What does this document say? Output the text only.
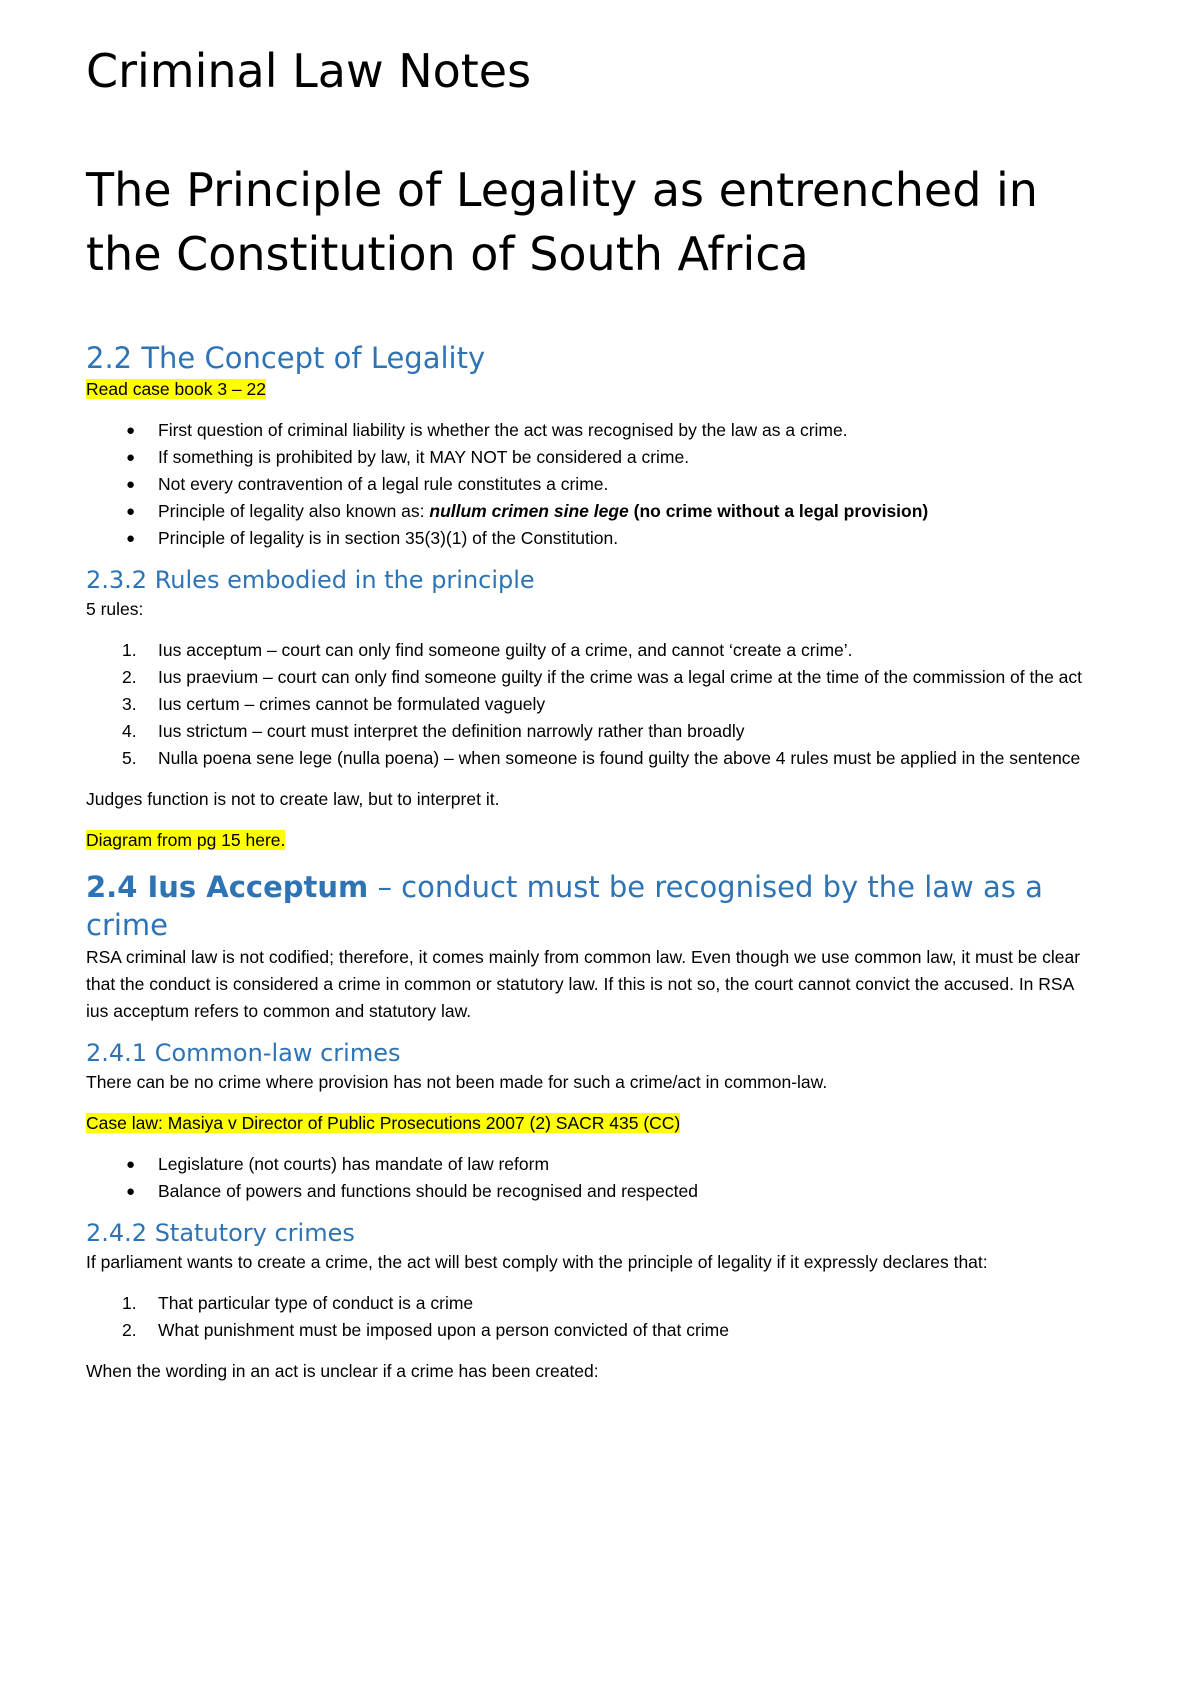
Criminal Law Notes
The Principle of Legality as entrenched in the Constitution of South Africa
2.2 The Concept of Legality

Read case book 3 – 22

● First question of criminal liability is whether the act was recognised by the law as a crime.
● If something is prohibited by law, it MAY NOT be considered a crime.
● Not every contravention of a legal rule constitutes a crime.
● Principle of legality also known as: nullum crimen sine lege (no crime without a legal provision)
● Principle of legality is in section 35(3)(1) of the Constitution.
2.3.2 Rules embodied in the principle

5 rules:

1. Ius acceptum – court can only find someone guilty of a crime, and cannot ‘create a crime’.
2. Ius praevium – court can only find someone guilty if the crime was a legal crime at the time of the commission of the act
3. Ius certum – crimes cannot be formulated vaguely
4. Ius strictum – court must interpret the definition narrowly rather than broadly
5. Nulla poena sene lege (nulla poena) – when someone is found guilty the above 4 rules must be applied in the sentence

Judges function is not to create law, but to interpret it.

Diagram from pg 15 here.

2.4 Ius Acceptum – conduct must be recognised by the law as a crime

RSA criminal law is not codified; therefore, it comes mainly from common law. Even though we use common law, it must be clear that the conduct is considered a crime in common or statutory law. If this is not so, the court cannot convict the accused. In RSA ius acceptum refers to common and statutory law.

2.4.1 Common-law crimes

There can be no crime where provision has not been made for such a crime/act in common-law.

Case law: Masiya v Director of Public Prosecutions 2007 (2) SACR 435 (CC)

● Legislature (not courts) has mandate of law reform
● Balance of powers and functions should be recognised and respected
2.4.2 Statutory crimes

If parliament wants to create a crime, the act will best comply with the principle of legality if it expressly declares that:

1. That particular type of conduct is a crime
2. What punishment must be imposed upon a person convicted of that crime

When the wording in an act is unclear if a crime has been created:
